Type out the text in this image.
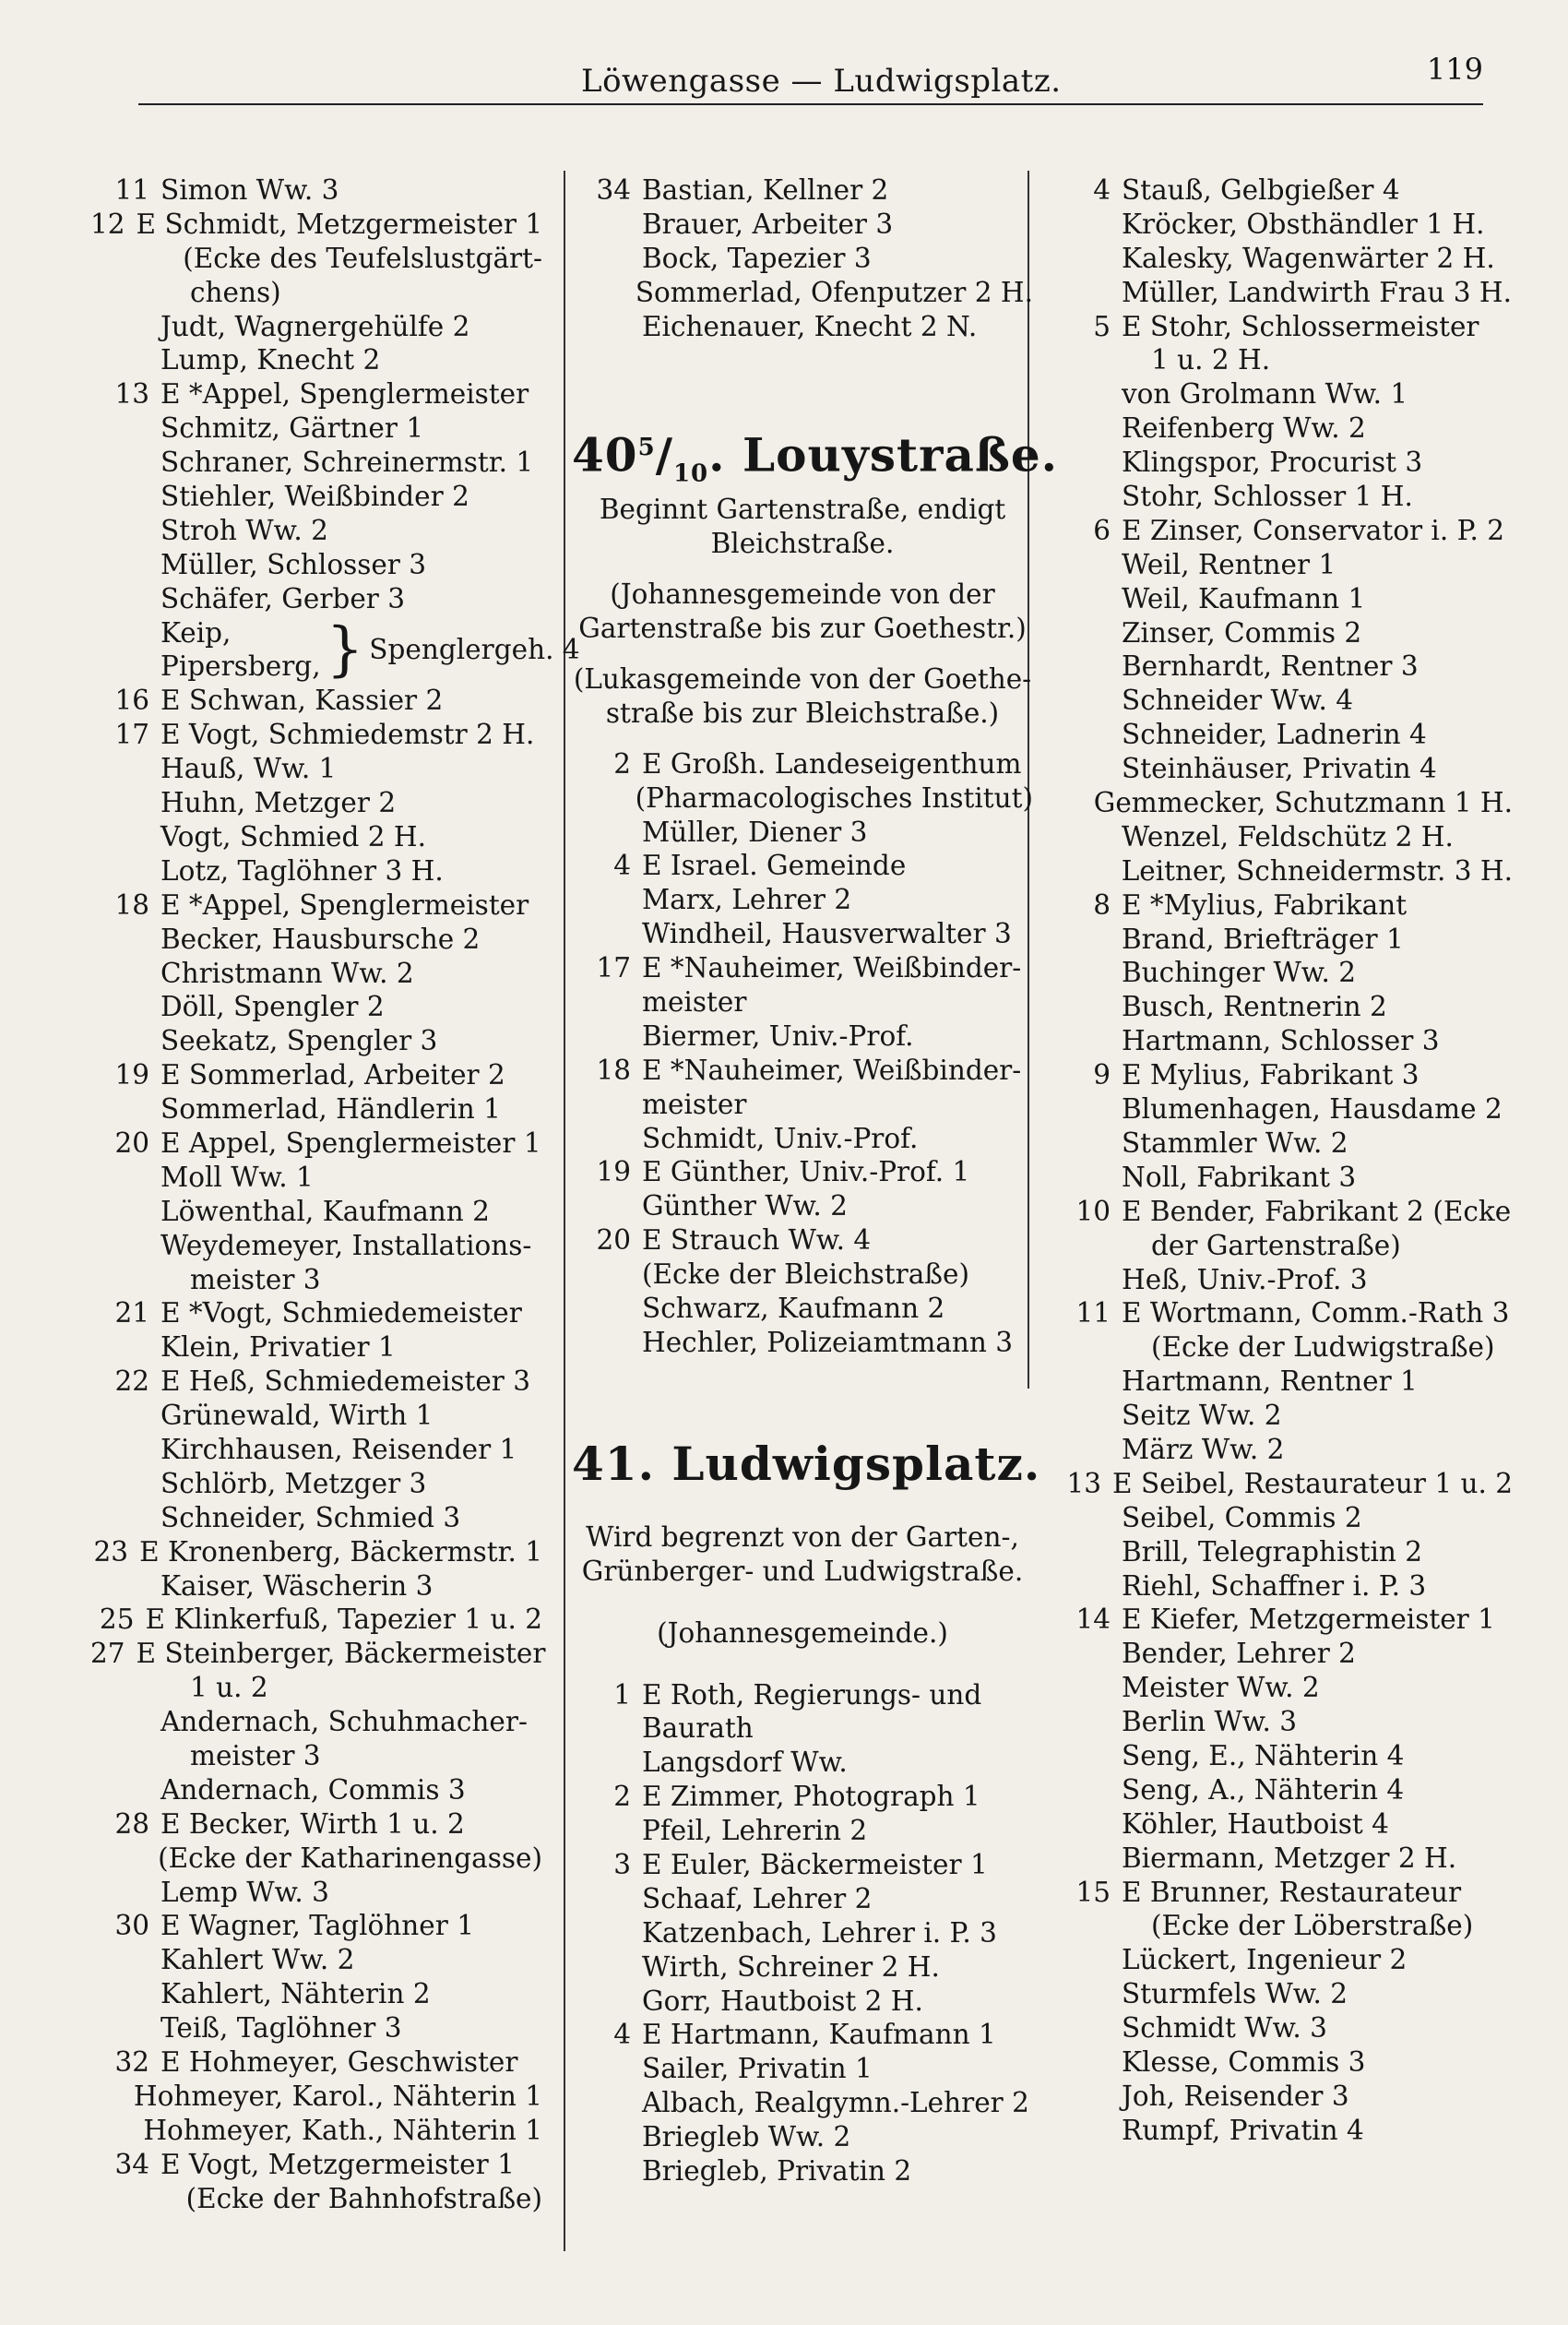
Löwengasse — Ludwigsplatz.	119
11 Simon Ww. 3
12 E Schmidt, Metzgermeister 1
(Ecke des Teufelslustgärt-
chens)
Judt, Wagnergehülfe 2
Lump, Knecht 2
13 E *Appel, Spenglermeister
Schmitz, Gärtner 1
Schraner, Schreinermstr. 1
Stiehler, Weißbinder 2
Stroh Ww. 2
Müller, Schlosser 3
Schäfer, Gerber 3
Keip,
Pipersberg, } Spenglergeh. 4
16 E Schwan, Kassier 2
17 E Vogt, Schmiedemstr 2 H.
Hauß, Ww. 1
Huhn, Metzger 2
Vogt, Schmied 2 H.
Lotz, Taglöhner 3 H.
18 E *Appel, Spenglermeister
Becker, Hausbursche 2
Christmann Ww. 2
Döll, Spengler 2
Seekatz, Spengler 3
19 E Sommerlad, Arbeiter 2
Sommerlad, Händlerin 1
20 E Appel, Spenglermeister 1
Moll Ww. 1
Löwenthal, Kaufmann 2
Weydemeyer, Installations-
meister 3
21 E *Vogt, Schmiedemeister
Klein, Privatier 1
22 E Heß, Schmiedemeister 3
Grünewald, Wirth 1
Kirchhausen, Reisender 1
Schlörb, Metzger 3
Schneider, Schmied 3
23 E Kronenberg, Bäckermstr. 1
Kaiser, Wäscherin 3
25 E Klinkerfuß, Tapezier 1 u. 2
27 E Steinberger, Bäckermeister
1 u. 2
Andernach, Schuhmacher-
meister 3
Andernach, Commis 3
28 E Becker, Wirth 1 u. 2
(Ecke der Katharinengasse)
Lemp Ww. 3
30 E Wagner, Taglöhner 1
Kahlert Ww. 2
Kahlert, Nähterin 2
Teiß, Taglöhner 3
32 E Hohmeyer, Geschwister
Hohmeyer, Karol., Nähterin 1
Hohmeyer, Kath., Nähterin 1
34 E Vogt, Metzgermeister 1
(Ecke der Bahnhofstraße)
34 Bastian, Kellner 2
Brauer, Arbeiter 3
Bock, Tapezier 3
Sommerlad, Ofenputzer 2 H.
Eichenauer, Knecht 2 N.
$40^5/_{10}$. Louystraße.
Beginnt Gartenstraße, endigt
Bleichstraße.
(Johannesgemeinde von der
Gartenstraße bis zur Goethestr.)
(Lukasgemeinde von der Goethe-
straße bis zur Bleichstraße.)
2 E Großh. Landeseigenthum
(Pharmacologisches Institut)
Müller, Diener 3
4 E Israel. Gemeinde
Marx, Lehrer 2
Windheil, Hausverwalter 3
17 E *Nauheimer, Weißbinder-
meister
Biermer, Univ.-Prof.
18 E *Nauheimer, Weißbinder-
meister
Schmidt, Univ.-Prof.
19 E Günther, Univ.-Prof. 1
Günther Ww. 2
20 E Strauch Ww. 4
(Ecke der Bleichstraße)
Schwarz, Kaufmann 2
Hechler, Polizeiamtmann 3
41. Ludwigsplatz.
Wird begrenzt von der Garten-,
Grünberger- und Ludwigstraße.
(Johannesgemeinde.)
1 E Roth, Regierungs- und
Baurath
Langsdorf Ww.
2 E Zimmer, Photograph 1
Pfeil, Lehrerin 2
3 E Euler, Bäckermeister 1
Schaaf, Lehrer 2
Katzenbach, Lehrer i. P. 3
Wirth, Schreiner 2 H.
Gorr, Hautboist 2 H.
4 E Hartmann, Kaufmann 1
Sailer, Privatin 1
Albach, Realgymn.-Lehrer 2
Briegleb Ww. 2
Briegleb, Privatin 2
4 Stauß, Gelbgießer 4
Kröcker, Obsthändler 1 H.
Kalesky, Wagenwärter 2 H.
Müller, Landwirth Frau 3 H.
5 E Stohr, Schlossermeister
1 u. 2 H.
von Grolmann Ww. 1
Reifenberg Ww. 2
Klingspor, Procurist 3
Stohr, Schlosser 1 H.
6 E Zinser, Conservator i. P. 2
Weil, Rentner 1
Weil, Kaufmann 1
Zinser, Commis 2
Bernhardt, Rentner 3
Schneider Ww. 4
Schneider, Ladnerin 4
Steinhäuser, Privatin 4
Gemmecker, Schutzmann 1 H.
Wenzel, Feldschütz 2 H.
Leitner, Schneidermstr. 3 H.
8 E *Mylius, Fabrikant
Brand, Briefträger 1
Buchinger Ww. 2
Busch, Rentnerin 2
Hartmann, Schlosser 3
9 E Mylius, Fabrikant 3
Blumenhagen, Hausdame 2
Stammler Ww. 2
Noll, Fabrikant 3
10 E Bender, Fabrikant 2 (Ecke
der Gartenstraße)
Heß, Univ.-Prof. 3
11 E Wortmann, Comm.-Rath 3
(Ecke der Ludwigstraße)
Hartmann, Rentner 1
Seitz Ww. 2
März Ww. 2
13 E Seibel, Restaurateur 1 u. 2
Seibel, Commis 2
Brill, Telegraphistin 2
Riehl, Schaffner i. P. 3
14 E Kiefer, Metzgermeister 1
Bender, Lehrer 2
Meister Ww. 2
Berlin Ww. 3
Seng, E., Nähterin 4
Seng, A., Nähterin 4
Köhler, Hautboist 4
Biermann, Metzger 2 H.
15 E Brunner, Restaurateur
(Ecke der Löberstraße)
Lückert, Ingenieur 2
Sturmfels Ww. 2
Schmidt Ww. 3
Klesse, Commis 3
Joh, Reisender 3
Rumpf, Privatin 4
